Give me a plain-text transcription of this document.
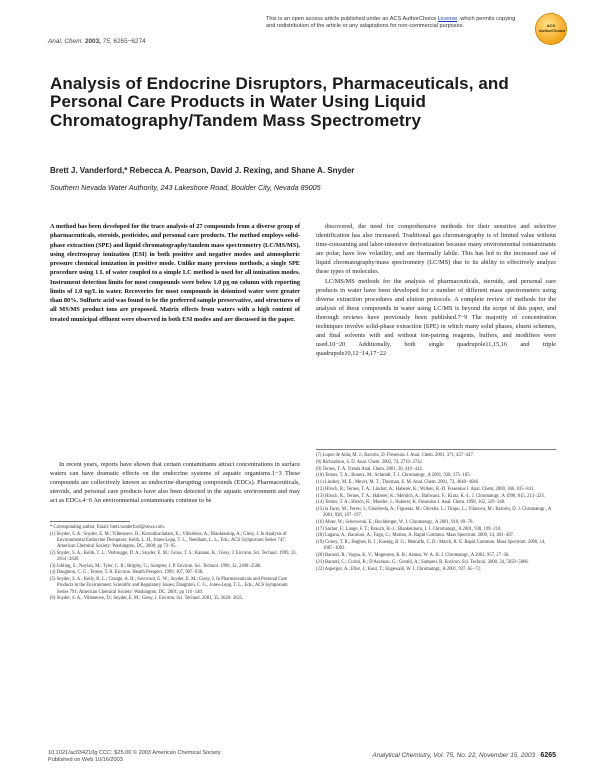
This is an open access article published under an ACS AuthorChoice License, which permits copying and redistribution of the article or any adaptations for non-commercial purposes.	ACS AuthorChoice
Anal. Chem. 2003, 75, 6265−6274
Analysis of Endocrine Disruptors, Pharmaceuticals, and Personal Care Products in Water Using Liquid Chromatography/Tandem Mass Spectrometry
Brett J. Vanderford,* Rebecca A. Pearson, David J. Rexing, and Shane A. Snyder
Southern Nevada Water Authority, 243 Lakeshore Road, Boulder City, Nevada 89005
A method has been developed for the trace analysis of 27 compounds from a diverse group of pharmaceuticals, steroids, pesticides, and personal care products. The method employs solid-phase extraction (SPE) and liquid chromatography/tandem mass spectrometry (LC/MS/MS), using electrospray ionization (ESI) in both positive and negative modes and atmospheric pressure chemical ionization in positive mode. Unlike many previous methods, a single SPE procedure using 1 L of water coupled to a simple LC method is used for all ionization modes. Instrument detection limits for most compounds were below 1.0 pg on column with reporting limits of 1.0 ng/L in water. Recoveries for most compounds in deionized water were greater than 80%. Sulfuric acid was found to be the preferred sample preservative, and structures of all MS/MS product ions are proposed. Matrix effects from waters with a high content of treated municipal effluent were observed in both ESI modes and are discussed in the paper.

In recent years, reports have shown that certain contaminants attract concentrations in surface waters can have dramatic effects on the endocrine systems of aquatic organisms.1−3 These compounds are collectively known as endocrine-disrupting compounds (EDCs). Pharmaceuticals, steroids, and personal care products have also been detected in the aquatic environment and may act as EDCs.4−6 An environmental contaminants continue to be

* Corresponding author. Email: brett.vanderford@snwa.com.
(1) Snyder, S. A.; Snyder, E. M.; Villeneuve, D.; Kurunthachalam, K.; Villalobos, A.; Blankenship, A.; Giesy, J. In Analysis of Environmental Endocrine Disruptors; Keith, L. H., Jones-Lepp, T. L., Needham, L. L., Eds.; ACS Symposium Series 747; American Chemical Society: Washington, DC, 2000; pp 73−95.
(2) Snyder, S. A.; Keith, T. L.; Verbrugge, D. A.; Snyder, E. M.; Gross, T. S.; Kannan, K.; Giesy, J. Environ. Sci. Technol. 1999, 33, 2814−2820.
(3) Jobling, S.; Noylan, M.; Tyler, C. R.; Brighty, G.; Sumpter, J. P. Environ. Sci. Technol. 1998, 32, 2498−2506.
(4) Daughton, C. G.; Ternes, T. A. Environ. Health Perspect. 1999, 107, 907−938.
(5) Snyder, S. A.; Kelly, K. L.; Grange, A. H.; Sovocool, G. W.; Snyder, E. M.; Giesy, J. In Pharmaceuticals and Personal Care Products in the Environment: Scientific and Regulatory Issues; Daughton, C. G., Jones-Lepp, T. L., Eds.; ACS Symposium Series 791; American Chemical Society: Washington, DC, 2001; pp 116−140.
(6) Snyder, S. A.; Villeneuve, D.; Snyder, E. M.; Giesy, J. Environ. Sci. Technol. 2001, 35, 3620−3625.

discovered, the need for comprehensive methods for their sensitive and selective identification has also increased. Traditional gas chromatography is of limited value without time-consuming and labor-intensive derivatization because many environmental contaminants are polar, have low volatility, and are thermally labile. This has led to the increased use of liquid chromatography/mass spectrometry (LC/MS) due to its ability to effectively analyze these types of molecules.

LC/MS/MS methods for the analysis of pharmaceuticals, steroids, and personal care products in water have been developed for a number of different mass spectrometers using diverse extraction procedures and elution protocols. A complete review of methods for the analysis of these compounds in water using LC/MS is beyond the scope of this paper, and thorough reviews have previously been published.7−9 The majority of concentration techniques involve solid-phase extraction (SPE) in which many solid phases, eluent schemes, and final solvents with and without ion-pairing reagents, buffers, and modifiers were used.10−20 Additionally, both single quadrupole11,15,16 and triple quadrupole10,12−14,17−22

(7) Lopez de Alda, M. J.; Barcelo, D. Fresenius J. Anal. Chem. 2001, 371, 437−447.
(8) Richardson, S. D. Anal. Chem. 2002, 74, 2719−2742.
(9) Ternes, T. A. Trends Anal. Chem. 2001, 20, 419−434.
(10) Ternes, T. A.; Bonerz, M.; Schmidt, T. J. Chromatogr., A 2001, 938, 175−185.
(11) Lindsey, M. E.; Meyer, M. T.; Thurman, E. M. Anal. Chem. 2001, 73, 4640−4646.
(12) Hirsch, R.; Ternes, T. A.; Lindart, A.; Haberer, K.; Wilken, R.-D. Fresenius J. Anal. Chem. 2000, 366, 835−841.
(13) Hirsch, R.; Ternes, T. A.; Haberer, K.; Mehlich, A.; Ballwanz, F.; Kratz, K.-L. J. Chromatogr., A 1998, 815, 213−223.
(14) Ternes, T. A.; Hirsch, R.; Mueller, J.; Haberer, K. Fresenius J. Anal. Chem. 1998, 362, 329−340.
(15) la Farre, M.; Ferrer, I.; Ginebreda, A.; Figueras, M.; Olivella, L.; Tirapu, L.; Vilanova, M.; Barcelo, D. J. Chromatogr., A 2001, 938, 187−197.
(16) Ahrer, W.; Scherwenk, E.; Buchberger, W. J. Chromatogr., A 2001, 910, 69−78.
(17) Sacher, F.; Lange, F. T.; Brauch, H.-J.; Blankenhorn, I. J. Chromatogr., A 2001, 938, 199−210.
(18) Lagana, A.; Bacaloni, A.; Fago, G.; Marino, A. Rapid Commun. Mass Spectrom. 2000, 14, 401−407.
(19) Croley, T. R.; Hughes, R. J.; Koenig, B. G.; Metcalfe, C. D.; March, R. E. Rapid Commun. Mass Spectrom. 2000, 14, 1087−1093.
(20) Baronti, R.; Vogna, K. V.; Mogensen, B. B.; Asmus, W. A. H. J. Chromatogr., A 2002, 957, 27−36.
(21) Baronti, C.; Curini, R.; D'Ascenzo, G.; Gentili, A.; Samperi, R. Environ. Sci. Technol. 2000, 34, 5059−5066.
(22) Aspergur, A.; Eller, J.; Kaul, T.; Engewald, W. J. Chromatogr., A 2001, 937, 65−72.
10.1021/ac034210g CCC: $25.00 © 2003 American Chemical Society
Published on Web 10/16/2003
Analytical Chemistry, Vol. 75, No. 22, November 15, 2003 6265
